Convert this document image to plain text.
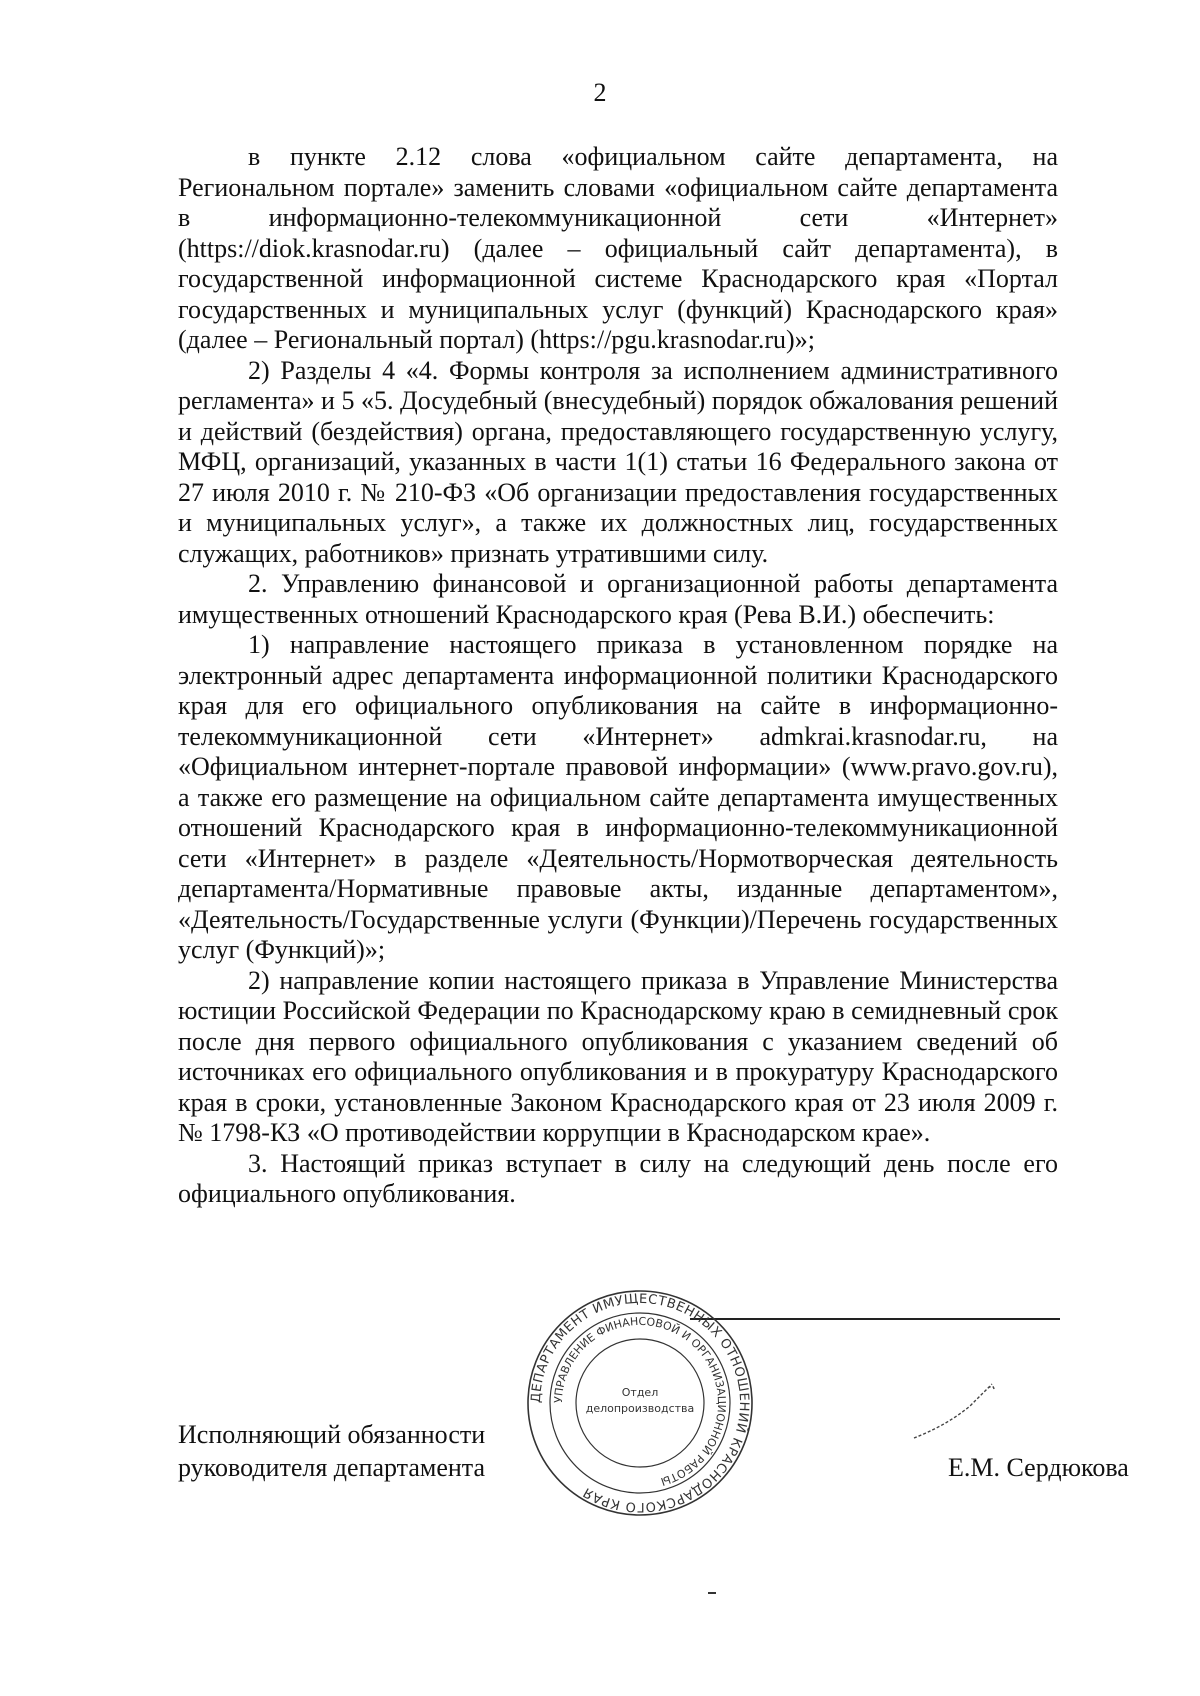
2

в пункте 2.12 слова «официальном сайте департамента, на Региональном портале» заменить словами «официальном сайте департамента в информационно-телекоммуникационной сети «Интернет» (https://diok.krasnodar.ru) (далее – официальный сайт департамента), в государственной информационной системе Краснодарского края «Портал государственных и муниципальных услуг (функций) Краснодарского края» (далее – Региональный портал) (https://pgu.krasnodar.ru)»;

2) Разделы 4 «4. Формы контроля за исполнением административного регламента» и 5 «5. Досудебный (внесудебный) порядок обжалования решений и действий (бездействия) органа, предоставляющего государственную услугу, МФЦ, организаций, указанных в части 1(1) статьи 16 Федерального закона от 27 июля 2010 г. № 210-ФЗ «Об организации предоставления государственных и муниципальных услуг», а также их должностных лиц, государственных служащих, работников» признать утратившими силу.

2. Управлению финансовой и организационной работы департамента имущественных отношений Краснодарского края (Рева В.И.) обеспечить:

1) направление настоящего приказа в установленном порядке на электронный адрес департамента информационной политики Краснодарского края для его официального опубликования на сайте в информационно-телекоммуникационной сети «Интернет» admkrai.krasnodar.ru, на «Официальном интернет-портале правовой информации» (www.pravo.gov.ru), а также его размещение на официальном сайте департамента имущественных отношений Краснодарского края в информационно-телекоммуникационной сети «Интернет» в разделе «Деятельность/Нормотворческая деятельность департамента/Нормативные правовые акты, изданные департаментом», «Деятельность/Государственные услуги (Функции)/Перечень государственных услуг (Функций)»;

2) направление копии настоящего приказа в Управление Министерства юстиции Российской Федерации по Краснодарскому краю в семидневный срок после дня первого официального опубликования с указанием сведений об источниках его официального опубликования и в прокуратуру Краснодарского края в сроки, установленные Законом Краснодарского края от 23 июля 2009 г. № 1798-КЗ «О противодействии коррупции в Краснодарском крае».

3. Настоящий приказ вступает в силу на следующий день после его официального опубликования.

ДЕПАРТАМЕНТ ИМУЩЕСТВЕННЫХ ОТНОШЕНИЙ КРАСНОДАРСКОГО КРАЯ
УПРАВЛЕНИЕ ФИНАНСОВОЙ И ОРГАНИЗАЦИОННОЙ РАБОТЫ
Отдел
делопроизводства
Исполняющий обязанности
руководителя департамента	Е.М. Сердюкова
